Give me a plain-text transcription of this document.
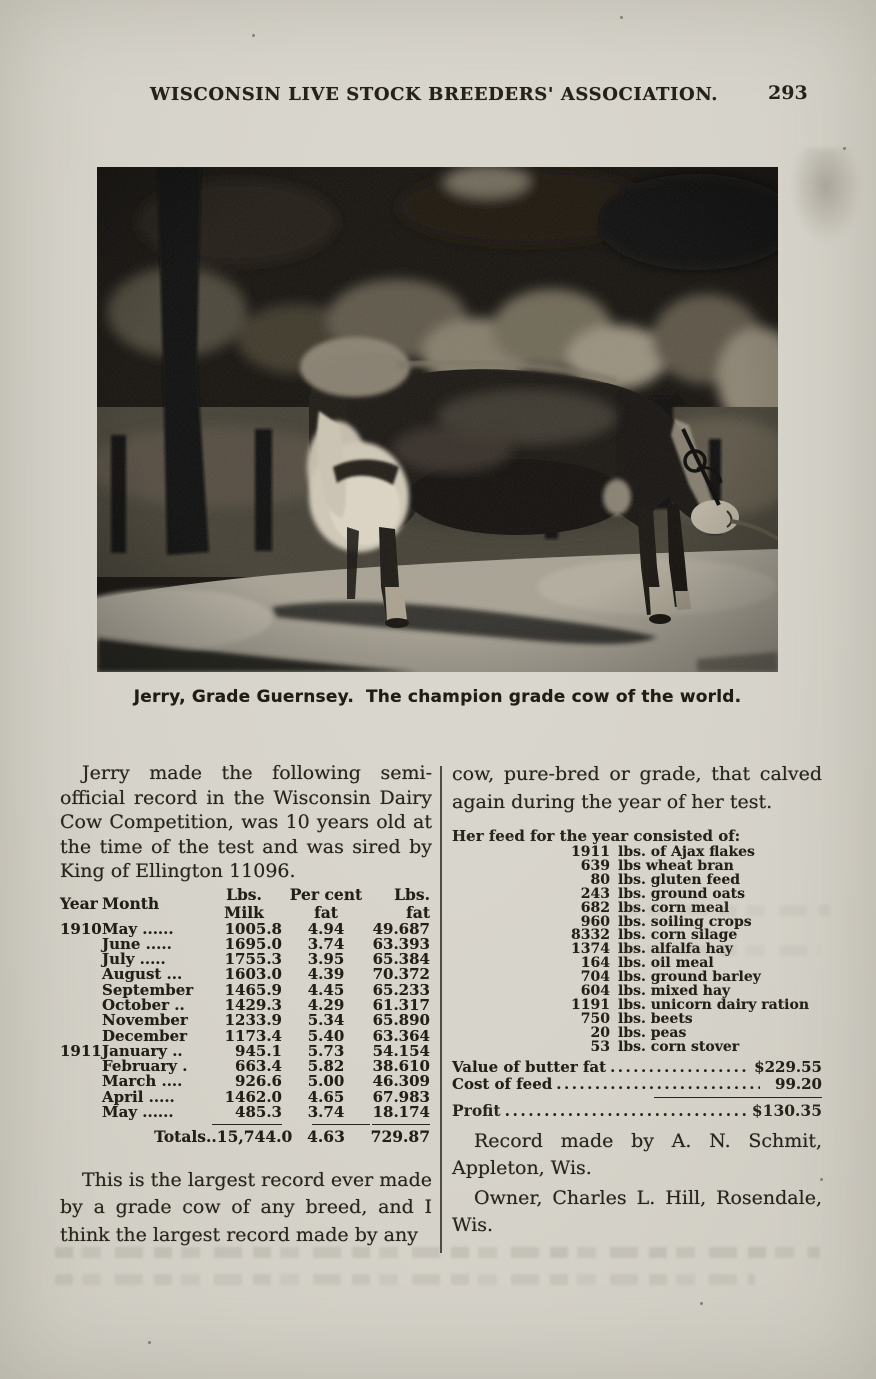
WISCONSIN LIVE STOCK BREEDERS' ASSOCIATION.	293
Jerry, Grade Guernsey. The champion grade cow of the world.

Jerry made the following semi-official record in the Wisconsin Dairy Cow Competition, was 10 years old at the time of the test and was sired by King of Ellington 11096.

Year	Month	Lbs. Milk	Per cent fat	Lbs. fat
1910	May ......	1005.8	4.94	49.687
	June .....	1695.0	3.74	63.393
	July .....	1755.3	3.95	65.384
	August ...	1603.0	4.39	70.372
	September	1465.9	4.45	65.233
	October ..	1429.3	4.29	61.317
	November	1233.9	5.34	65.890
	December	1173.4	5.40	63.364
1911	January ..	945.1	5.73	54.154
	February .	663.4	5.82	38.610
	March ....	926.6	5.00	46.309
	April .....	1462.0	4.65	67.983
	May ......	485.3	3.74	18.174
	Totals	..15,744.0	4.63	729.87

This is the largest record ever made by a grade cow of any breed, and I think the largest record made by any

cow, pure-bred or grade, that calved again during the year of her test.

Her feed for the year consisted of:

1911 lbs. of Ajax flakes
639 lbs wheat bran
80 lbs. gluten feed
243 lbs. ground oats
682 lbs. corn meal
960 lbs. soiling crops
8332 lbs. corn silage
1374 lbs. alfalfa hay
164 lbs. oil meal
704 lbs. ground barley
604 lbs. mixed hay
1191 lbs. unicorn dairy ration
750 lbs. beets
20 lbs. peas
53 lbs. corn stover
Value of butter fat .....	$229.55
Cost of feed .....	99.20
Profit .....	$130.35

Record made by A. N. Schmit, Appleton, Wis.

Owner, Charles L. Hill, Rosendale, Wis.
